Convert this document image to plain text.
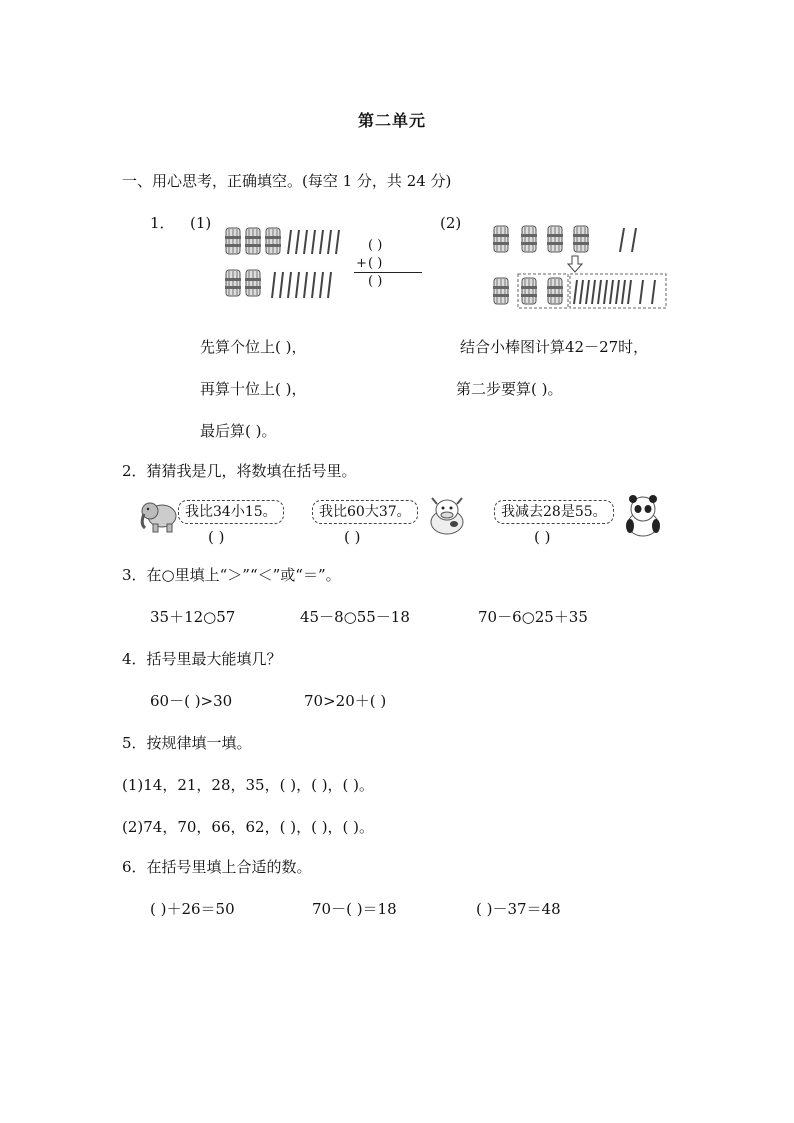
第二单元
一、用心思考，正确填空。(每空 1 分，共 24 分)
1． (1)	(2)
( )
+ ( )
( )
先算个位上( )，	结合小棒图计算42－27时，
再算十位上( )，	第二步要算( )。
最后算( )。
2．猜猜我是几，将数填在括号里。
我比34小15。
( )
我比60大37。
( )
我减去28是55。
( )
3．在○里填上“＞”“＜”或“＝”。
35＋12○57	45－8○55－18	70－6○25＋35
4．括号里最大能填几？
60－( )>30	70>20＋( )
5．按规律填一填。
(1)14，21，28，35，( )，( )，( )。
(2)74，70，66，62，( )，( )，( )。
6．在括号里填上合适的数。
( )＋26＝50	70－( )＝18	( )－37＝48
